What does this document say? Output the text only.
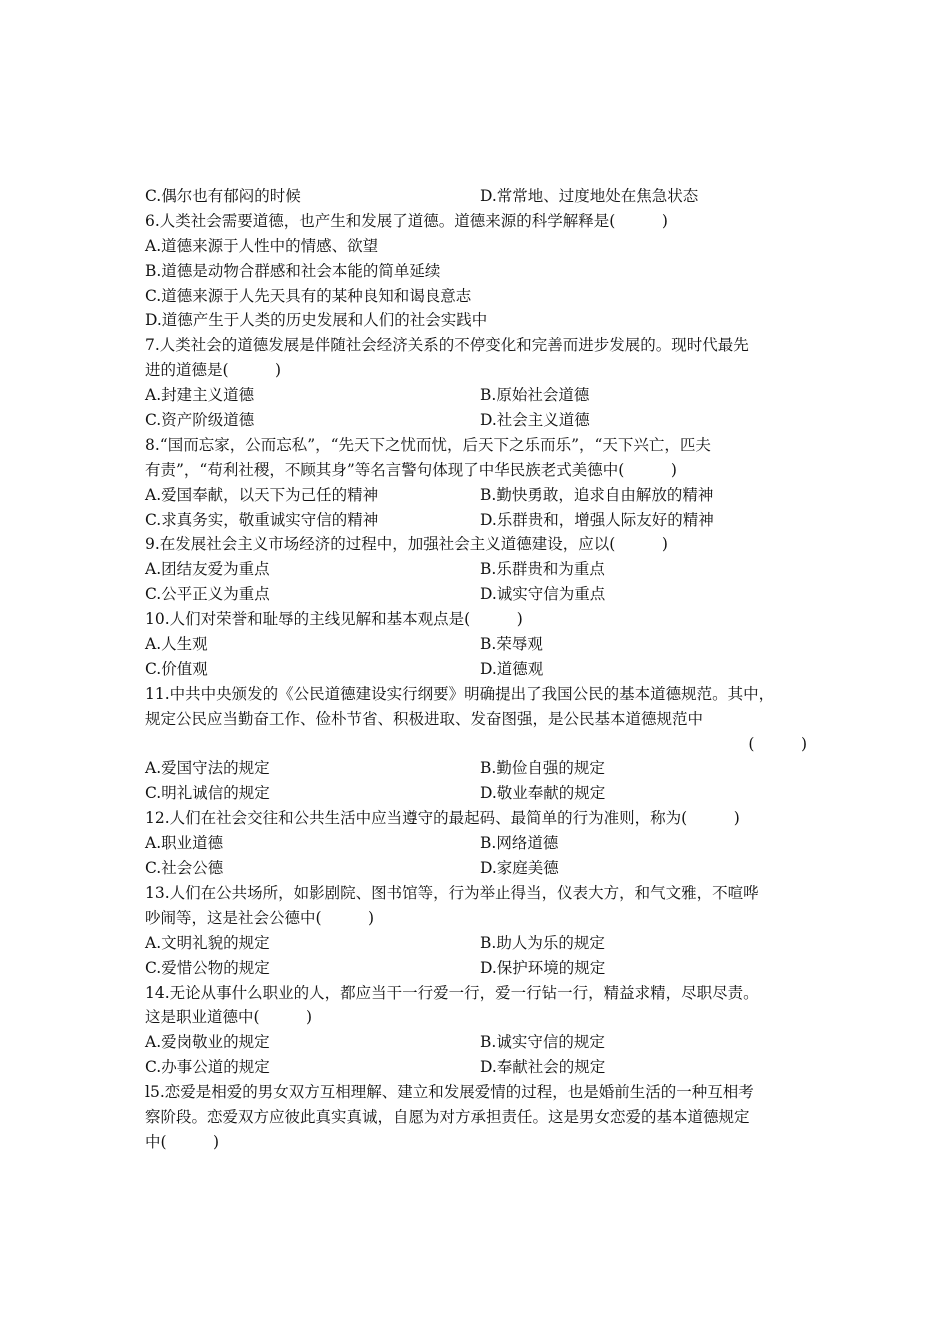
C.偶尔也有郁闷的时候	D.常常地、过度地处在焦急状态
6.人类社会需要道德，也产生和发展了道德。道德来源的科学解释是(　　　)
A.道德来源于人性中的情感、欲望
B.道德是动物合群感和社会本能的简单延续
C.道德来源于人先天具有的某种良知和谒良意志
D.道德产生于人类的历史发展和人们的社会实践中
7.人类社会的道德发展是伴随社会经济关系的不停变化和完善而进步发展的。现时代最先
进的道德是(　　　)
A.封建主义道德	B.原始社会道德
C.资产阶级道德	D.社会主义道德
8.“国而忘家，公而忘私”，“先天下之忧而忧，后天下之乐而乐”，“天下兴亡，匹夫
有责”，“苟利社稷，不顾其身”等名言警句体现了中华民族老式美德中(　　　)
A.爱国奉献，以天下为己任的精神	B.勤快勇敢，追求自由解放的精神
C.求真务实，敬重诚实守信的精神	D.乐群贵和，增强人际友好的精神
9.在发展社会主义市场经济的过程中，加强社会主义道德建设，应以(　　　)
A.团结友爱为重点	B.乐群贵和为重点
C.公平正义为重点	D.诚实守信为重点
10.人们对荣誉和耻辱的主线见解和基本观点是(　　　)
A.人生观	B.荣辱观
C.价值观	D.道德观
11.中共中央颁发的《公民道德建设实行纲要》明确提出了我国公民的基本道德规范。其中，
规定公民应当勤奋工作、俭朴节省、积极进取、发奋图强，是公民基本道德规范中
(　　　)
A.爱国守法的规定	B.勤俭自强的规定
C.明礼诚信的规定	D.敬业奉献的规定
12.人们在社会交往和公共生活中应当遵守的最起码、最简单的行为准则，称为(　　　)
A.职业道德	B.网络道德
C.社会公德	D.家庭美德
13.人们在公共场所，如影剧院、图书馆等，行为举止得当，仪表大方，和气文雅，不喧哗
吵闹等，这是社会公德中(　　　)
A.文明礼貌的规定	B.助人为乐的规定
C.爱惜公物的规定	D.保护环境的规定
14.无论从事什么职业的人，都应当干一行爱一行，爱一行钻一行，精益求精，尽职尽责。
这是职业道德中(　　　)
A.爱岗敬业的规定	B.诚实守信的规定
C.办事公道的规定	D.奉献社会的规定
l5.恋爱是相爱的男女双方互相理解、建立和发展爱情的过程，也是婚前生活的一种互相考
察阶段。恋爱双方应彼此真实真诚，自愿为对方承担责任。这是男女恋爱的基本道德规定
中(　　　)
